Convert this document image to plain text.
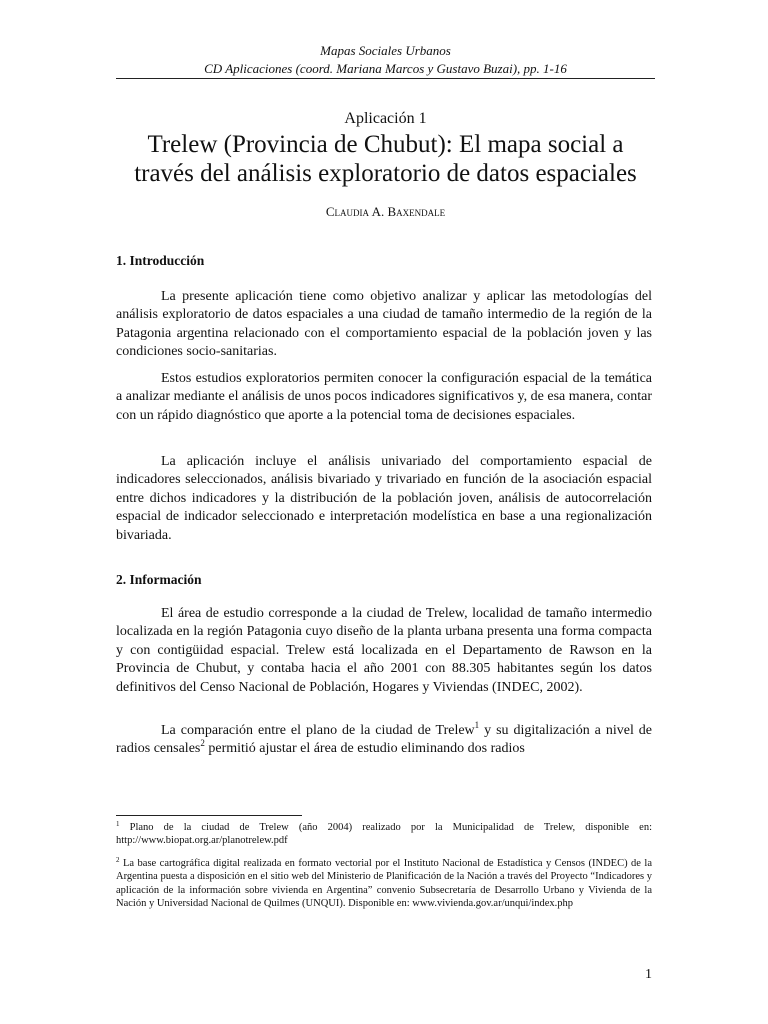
Mapas Sociales Urbanos
CD Aplicaciones (coord. Mariana Marcos y Gustavo Buzai), pp. 1-16
Aplicación 1
Trelew (Provincia de Chubut): El mapa social a
través del análisis exploratorio de datos espaciales
Claudia A. Baxendale
1. Introducción

La presente aplicación tiene como objetivo analizar y aplicar las metodologías del análisis exploratorio de datos espaciales a una ciudad de tamaño intermedio de la región de la Patagonia argentina relacionado con el comportamiento espacial de la población joven y las condiciones socio-sanitarias.

Estos estudios exploratorios permiten conocer la configuración espacial de la temática a analizar mediante el análisis de unos pocos indicadores significativos y, de esa manera, contar con un rápido diagnóstico que aporte a la potencial toma de decisiones espaciales.

La aplicación incluye el análisis univariado del comportamiento espacial de indicadores seleccionados, análisis bivariado y trivariado en función de la asociación espacial entre dichos indicadores y la distribución de la población joven, análisis de autocorrelación espacial de indicador seleccionado e interpretación modelística en base a una regionalización bivariada.

2. Información

El área de estudio corresponde a la ciudad de Trelew, localidad de tamaño intermedio localizada en la región Patagonia cuyo diseño de la planta urbana presenta una forma compacta y con contigüidad espacial. Trelew está localizada en el Departamento de Rawson en la Provincia de Chubut, y contaba hacia el año 2001 con 88.305 habitantes según los datos definitivos del Censo Nacional de Población, Hogares y Viviendas (INDEC, 2002).

La comparación entre el plano de la ciudad de Trelew$^1$ y su digitalización a nivel de radios censales$^2$ permitió ajustar el área de estudio eliminando dos radios

$^1$ Plano de la ciudad de Trelew (año 2004) realizado por la Municipalidad de Trelew, disponible en: http://www.biopat.org.ar/planotrelew.pdf

$^2$ La base cartográfica digital realizada en formato vectorial por el Instituto Nacional de Estadística y Censos (INDEC) de la Argentina puesta a disposición en el sitio web del Ministerio de Planificación de la Nación a través del Proyecto “Indicadores y aplicación de la información sobre vivienda en Argentina” convenio Subsecretaría de Desarrollo Urbano y Vivienda de la Nación y Universidad Nacional de Quilmes (UNQUI). Disponible en: www.vivienda.gov.ar/unqui/index.php

1
